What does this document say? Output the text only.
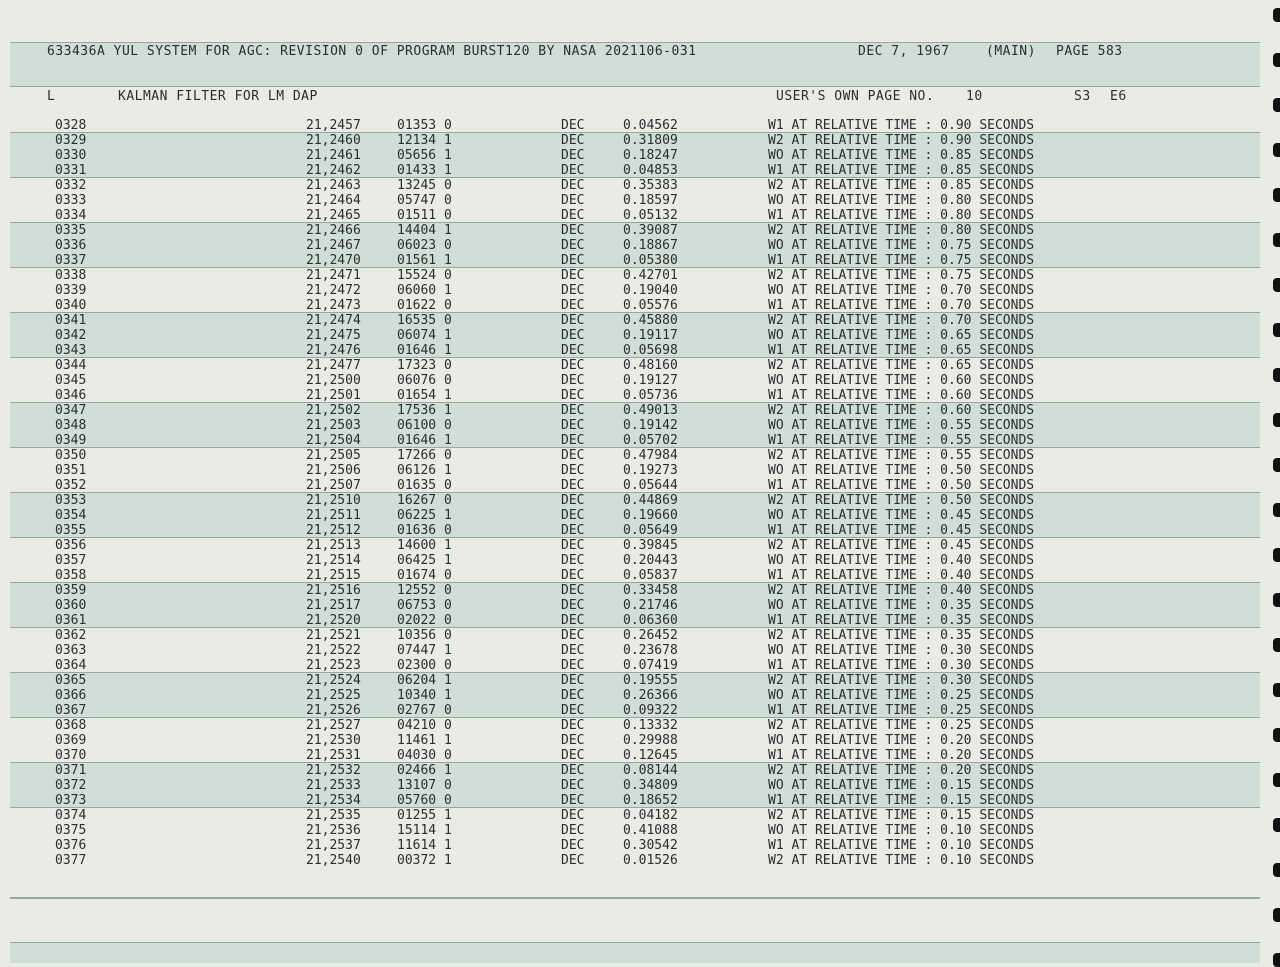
633436A YUL SYSTEM FOR AGC: REVISION 0 OF PROGRAM BURST120 BY NASA 2021106-031	DEC 7, 1967	(MAIN) PAGE 583
L	KALMAN FILTER FOR LM DAP	USER'S OWN PAGE NO. 10	S3 E6
0328	21,2457	01353 0	DEC	0.04562	W1 AT RELATIVE TIME : 0.90 SECONDS
0329	21,2460	12134 1	DEC	0.31809	W2 AT RELATIVE TIME : 0.90 SECONDS
0330	21,2461	05656 1	DEC	0.18247	WO AT RELATIVE TIME : 0.85 SECONDS
0331	21,2462	01433 1	DEC	0.04853	W1 AT RELATIVE TIME : 0.85 SECONDS
0332	21,2463	13245 0	DEC	0.35383	W2 AT RELATIVE TIME : 0.85 SECONDS
0333	21,2464	05747 0	DEC	0.18597	WO AT RELATIVE TIME : 0.80 SECONDS
0334	21,2465	01511 0	DEC	0.05132	W1 AT RELATIVE TIME : 0.80 SECONDS
0335	21,2466	14404 1	DEC	0.39087	W2 AT RELATIVE TIME : 0.80 SECONDS
0336	21,2467	06023 0	DEC	0.18867	WO AT RELATIVE TIME : 0.75 SECONDS
0337	21,2470	01561 1	DEC	0.05380	W1 AT RELATIVE TIME : 0.75 SECONDS
0338	21,2471	15524 0	DEC	0.42701	W2 AT RELATIVE TIME : 0.75 SECONDS
0339	21,2472	06060 1	DEC	0.19040	WO AT RELATIVE TIME : 0.70 SECONDS
0340	21,2473	01622 0	DEC	0.05576	W1 AT RELATIVE TIME : 0.70 SECONDS
0341	21,2474	16535 0	DEC	0.45880	W2 AT RELATIVE TIME : 0.70 SECONDS
0342	21,2475	06074 1	DEC	0.19117	WO AT RELATIVE TIME : 0.65 SECONDS
0343	21,2476	01646 1	DEC	0.05698	W1 AT RELATIVE TIME : 0.65 SECONDS
0344	21,2477	17323 0	DEC	0.48160	W2 AT RELATIVE TIME : 0.65 SECONDS
0345	21,2500	06076 0	DEC	0.19127	WO AT RELATIVE TIME : 0.60 SECONDS
0346	21,2501	01654 1	DEC	0.05736	W1 AT RELATIVE TIME : 0.60 SECONDS
0347	21,2502	17536 1	DEC	0.49013	W2 AT RELATIVE TIME : 0.60 SECONDS
0348	21,2503	06100 0	DEC	0.19142	WO AT RELATIVE TIME : 0.55 SECONDS
0349	21,2504	01646 1	DEC	0.05702	W1 AT RELATIVE TIME : 0.55 SECONDS
0350	21,2505	17266 0	DEC	0.47984	W2 AT RELATIVE TIME : 0.55 SECONDS
0351	21,2506	06126 1	DEC	0.19273	WO AT RELATIVE TIME : 0.50 SECONDS
0352	21,2507	01635 0	DEC	0.05644	W1 AT RELATIVE TIME : 0.50 SECONDS
0353	21,2510	16267 0	DEC	0.44869	W2 AT RELATIVE TIME : 0.50 SECONDS
0354	21,2511	06225 1	DEC	0.19660	WO AT RELATIVE TIME : 0.45 SECONDS
0355	21,2512	01636 0	DEC	0.05649	W1 AT RELATIVE TIME : 0.45 SECONDS
0356	21,2513	14600 1	DEC	0.39845	W2 AT RELATIVE TIME : 0.45 SECONDS
0357	21,2514	06425 1	DEC	0.20443	WO AT RELATIVE TIME : 0.40 SECONDS
0358	21,2515	01674 0	DEC	0.05837	W1 AT RELATIVE TIME : 0.40 SECONDS
0359	21,2516	12552 0	DEC	0.33458	W2 AT RELATIVE TIME : 0.40 SECONDS
0360	21,2517	06753 0	DEC	0.21746	WO AT RELATIVE TIME : 0.35 SECONDS
0361	21,2520	02022 0	DEC	0.06360	W1 AT RELATIVE TIME : 0.35 SECONDS
0362	21,2521	10356 0	DEC	0.26452	W2 AT RELATIVE TIME : 0.35 SECONDS
0363	21,2522	07447 1	DEC	0.23678	WO AT RELATIVE TIME : 0.30 SECONDS
0364	21,2523	02300 0	DEC	0.07419	W1 AT RELATIVE TIME : 0.30 SECONDS
0365	21,2524	06204 1	DEC	0.19555	W2 AT RELATIVE TIME : 0.30 SECONDS
0366	21,2525	10340 1	DEC	0.26366	WO AT RELATIVE TIME : 0.25 SECONDS
0367	21,2526	02767 0	DEC	0.09322	W1 AT RELATIVE TIME : 0.25 SECONDS
0368	21,2527	04210 0	DEC	0.13332	W2 AT RELATIVE TIME : 0.25 SECONDS
0369	21,2530	11461 1	DEC	0.29988	WO AT RELATIVE TIME : 0.20 SECONDS
0370	21,2531	04030 0	DEC	0.12645	W1 AT RELATIVE TIME : 0.20 SECONDS
0371	21,2532	02466 1	DEC	0.08144	W2 AT RELATIVE TIME : 0.20 SECONDS
0372	21,2533	13107 0	DEC	0.34809	WO AT RELATIVE TIME : 0.15 SECONDS
0373	21,2534	05760 0	DEC	0.18652	W1 AT RELATIVE TIME : 0.15 SECONDS
0374	21,2535	01255 1	DEC	0.04182	W2 AT RELATIVE TIME : 0.15 SECONDS
0375	21,2536	15114 1	DEC	0.41088	WO AT RELATIVE TIME : 0.10 SECONDS
0376	21,2537	11614 1	DEC	0.30542	W1 AT RELATIVE TIME : 0.10 SECONDS
0377	21,2540	00372 1	DEC	0.01526	W2 AT RELATIVE TIME : 0.10 SECONDS
